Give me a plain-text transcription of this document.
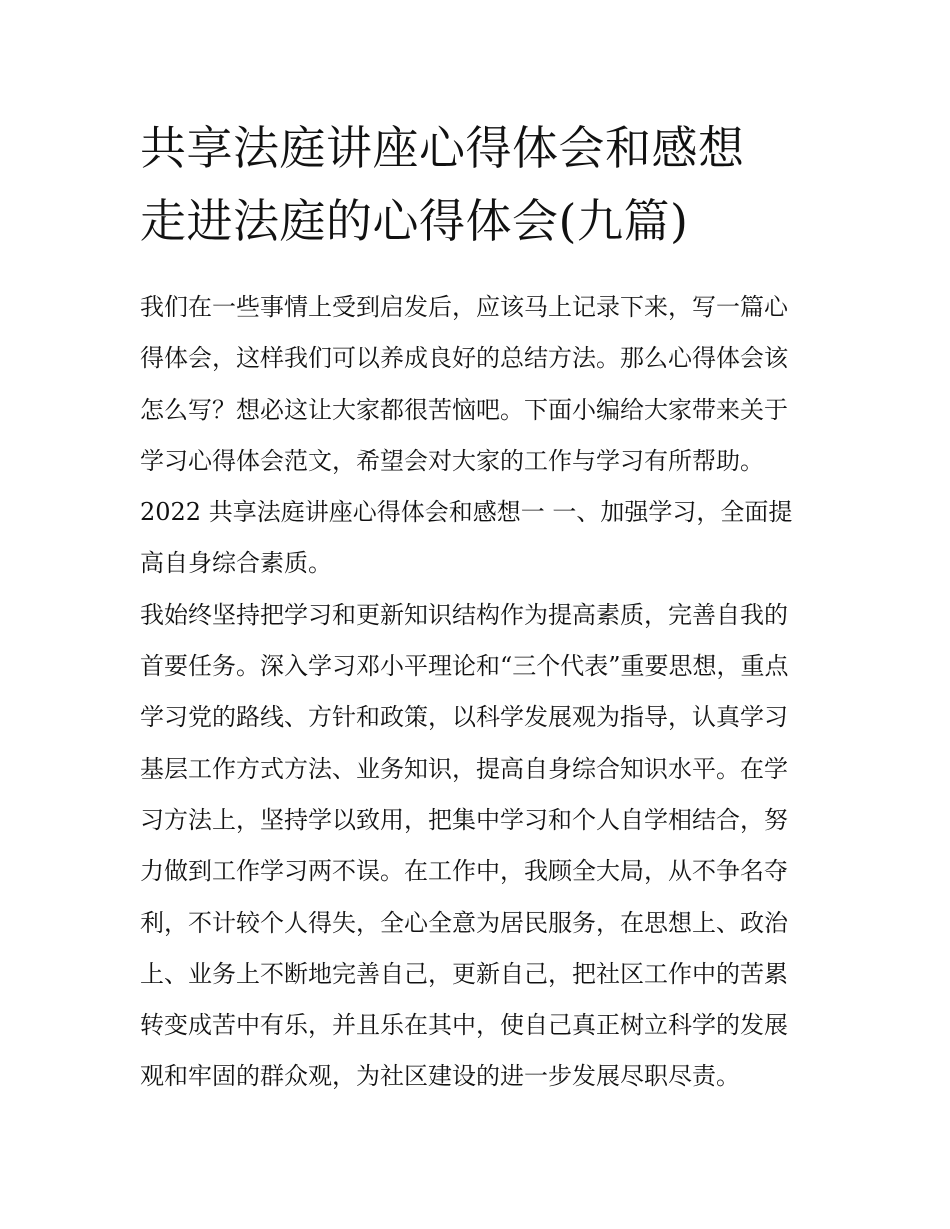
共享法庭讲座心得体会和感想
走进法庭的心得体会(九篇)

我们在一些事情上受到启发后，应该马上记录下来，写一篇心
得体会，这样我们可以养成良好的总结方法。那么心得体会该
怎么写？想必这让大家都很苦恼吧。下面小编给大家带来关于
学习心得体会范文，希望会对大家的工作与学习有所帮助。

2022 共享法庭讲座心得体会和感想一 一、加强学习，全面提
高自身综合素质。

我始终坚持把学习和更新知识结构作为提高素质，完善自我的
首要任务。深入学习邓小平理论和“三个代表”重要思想，重点
学习党的路线、方针和政策，以科学发展观为指导，认真学习
基层工作方式方法、业务知识，提高自身综合知识水平。在学
习方法上，坚持学以致用，把集中学习和个人自学相结合，努
力做到工作学习两不误。在工作中，我顾全大局，从不争名夺
利，不计较个人得失，全心全意为居民服务，在思想上、政治
上、业务上不断地完善自己，更新自己，把社区工作中的苦累
转变成苦中有乐，并且乐在其中，使自己真正树立科学的发展
观和牢固的群众观，为社区建设的进一步发展尽职尽责。
